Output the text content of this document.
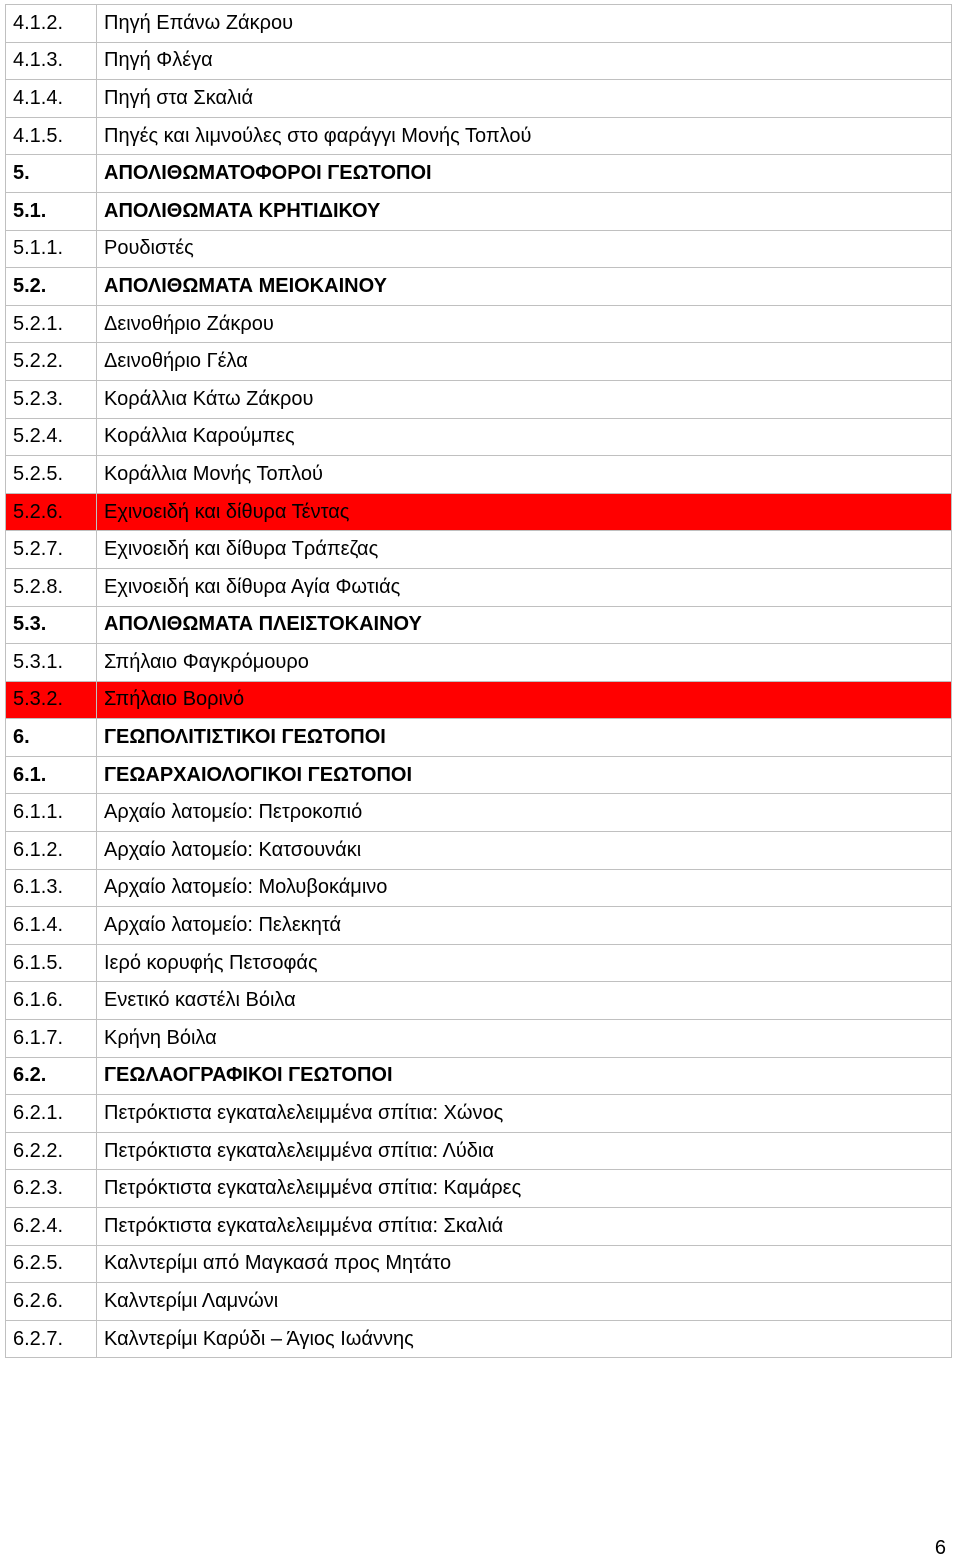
4.1.2.	Πηγή Επάνω Ζάκρου
4.1.3.	Πηγή Φλέγα
4.1.4.	Πηγή στα Σκαλιά
4.1.5.	Πηγές και λιμνούλες στο φαράγγι Μονής Τοπλού
5.	ΑΠΟΛΙΘΩΜΑΤΟΦΟΡΟΙ ΓΕΩΤΟΠΟΙ
5.1.	ΑΠΟΛΙΘΩΜΑΤΑ ΚΡΗΤΙΔΙΚΟΥ
5.1.1.	Ρουδιστές
5.2.	ΑΠΟΛΙΘΩΜΑΤΑ ΜΕΙΟΚΑΙΝΟΥ
5.2.1.	Δεινοθήριο Ζάκρου
5.2.2.	Δεινοθήριο Γέλα
5.2.3.	Κοράλλια Κάτω Ζάκρου
5.2.4.	Κοράλλια Καρούμπες
5.2.5.	Κοράλλια Μονής Τοπλού
5.2.6.	Εχινοειδή και δίθυρα Τέντας
5.2.7.	Εχινοειδή και δίθυρα Τράπεζας
5.2.8.	Εχινοειδή και δίθυρα Αγία Φωτιάς
5.3.	ΑΠΟΛΙΘΩΜΑΤΑ ΠΛΕΙΣΤΟΚΑΙΝΟΥ
5.3.1.	Σπήλαιο Φαγκρόμουρο
5.3.2.	Σπήλαιο Βορινό
6.	ΓΕΩΠΟΛΙΤΙΣΤΙΚΟΙ ΓΕΩΤΟΠΟΙ
6.1.	ΓΕΩΑΡΧΑΙΟΛΟΓΙΚΟΙ ΓΕΩΤΟΠΟΙ
6.1.1.	Αρχαίο λατομείο: Πετροκοπιό
6.1.2.	Αρχαίο λατομείο: Κατσουνάκι
6.1.3.	Αρχαίο λατομείο: Μολυβοκάμινο
6.1.4.	Αρχαίο λατομείο: Πελεκητά
6.1.5.	Ιερό κορυφής Πετσοφάς
6.1.6.	Ενετικό καστέλι Βόιλα
6.1.7.	Κρήνη Βόιλα
6.2.	ΓΕΩΛΑΟΓΡΑΦΙΚΟΙ ΓΕΩΤΟΠΟΙ
6.2.1.	Πετρόκτιστα εγκαταλελειμμένα σπίτια: Χώνος
6.2.2.	Πετρόκτιστα εγκαταλελειμμένα σπίτια: Λύδια
6.2.3.	Πετρόκτιστα εγκαταλελειμμένα σπίτια: Καμάρες
6.2.4.	Πετρόκτιστα εγκαταλελειμμένα σπίτια: Σκαλιά
6.2.5.	Καλντερίμι από Μαγκασά προς Μητάτο
6.2.6.	Καλντερίμι Λαμνώνι
6.2.7.	Καλντερίμι Καρύδι – Άγιος Ιωάννης
6
